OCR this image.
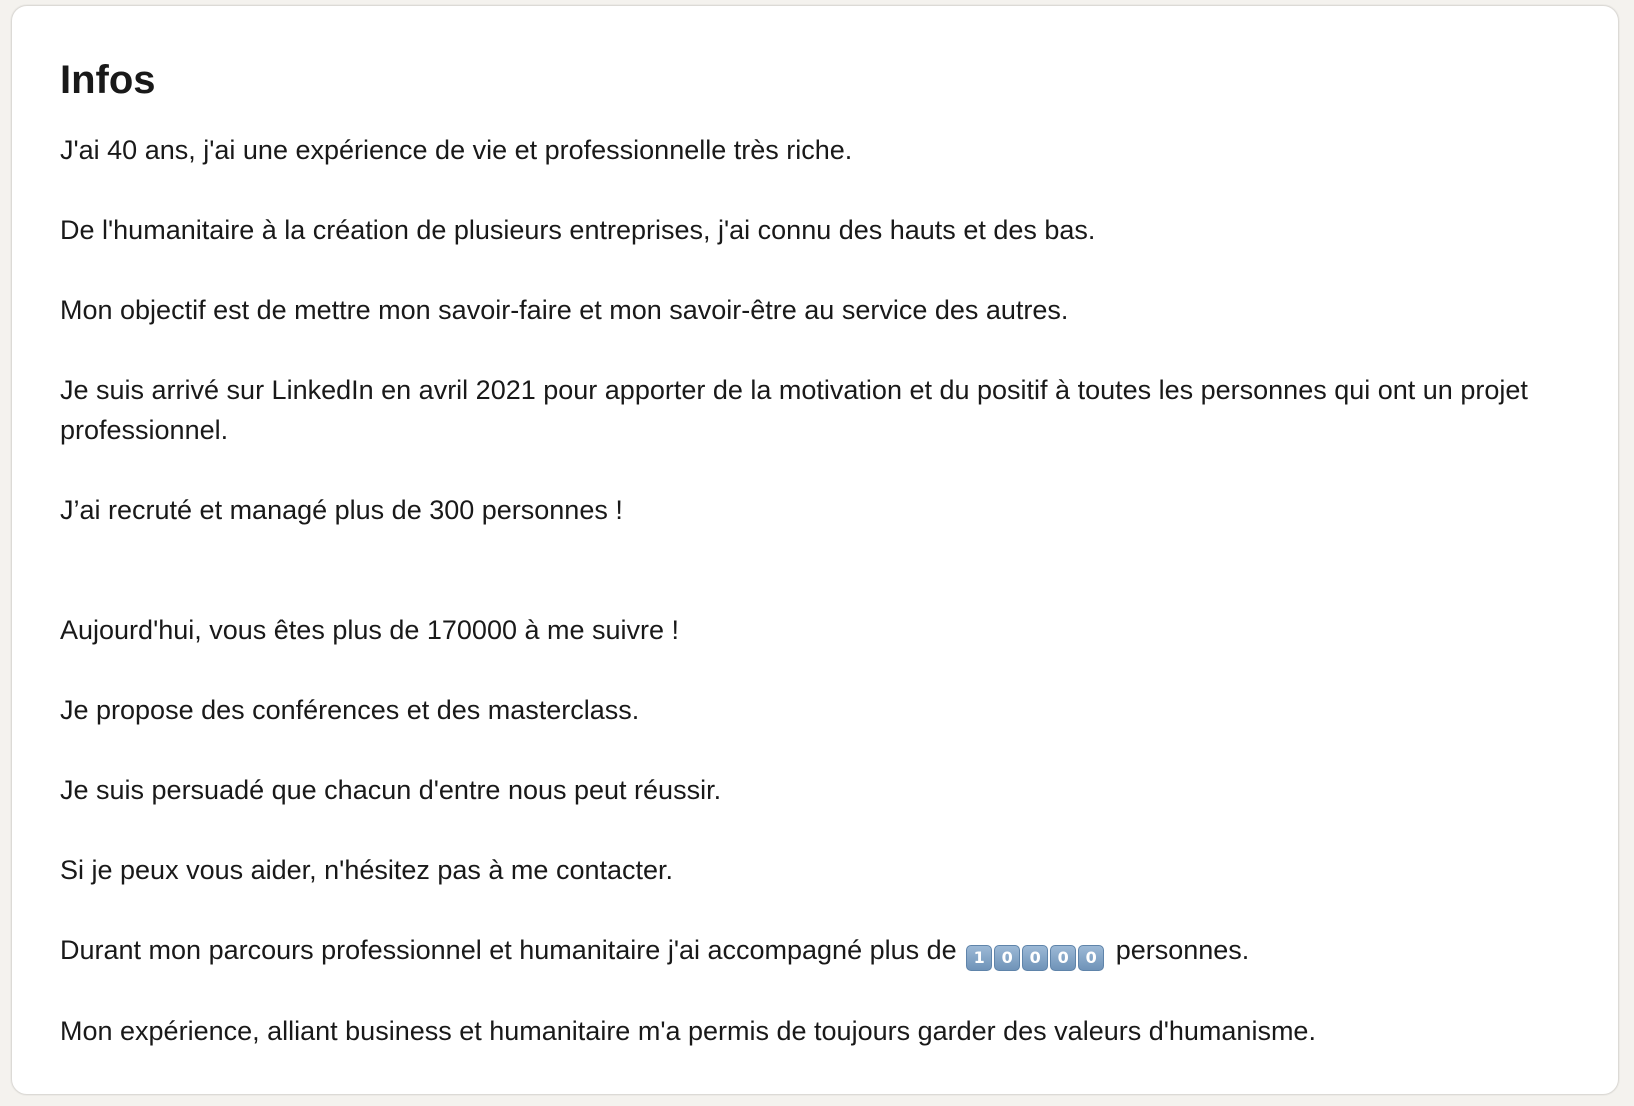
Infos

J'ai 40 ans, j'ai une expérience de vie et professionnelle très riche.

De l'humanitaire à la création de plusieurs entreprises, j'ai connu des hauts et des bas.

Mon objectif est de mettre mon savoir-faire et mon savoir-être au service des autres.

Je suis arrivé sur LinkedIn en avril 2021 pour apporter de la motivation et du positif à toutes les personnes qui ont un projet professionnel.

J’ai recruté et managé plus de 300 personnes !

Aujourd'hui, vous êtes plus de 170000 à me suivre !

Je propose des conférences et des masterclass.

Je suis persuadé que chacun d'entre nous peut réussir.

Si je peux vous aider, n'hésitez pas à me contacter.

Durant mon parcours professionnel et humanitaire j'ai accompagné plus de	1	0	0	0	0 personnes.

Mon expérience, alliant business et humanitaire m'a permis de toujours garder des valeurs d'humanisme.
